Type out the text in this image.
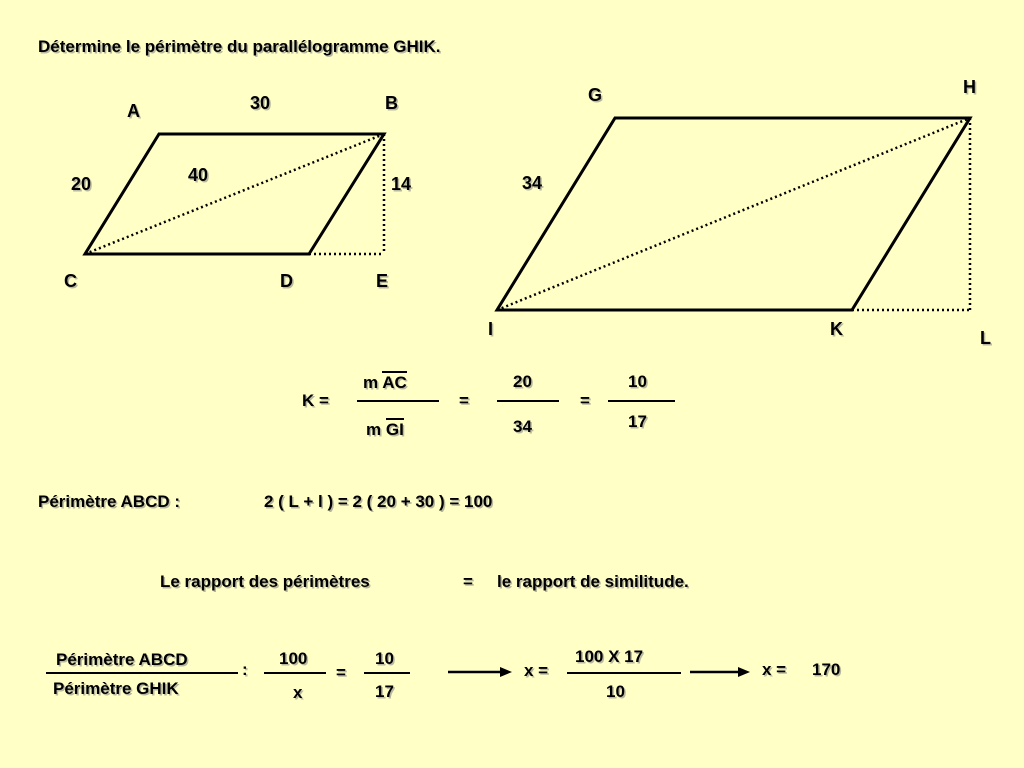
Détermine le périmètre du parallélogramme GHIK.
A	B
C	D	E
30
20	40	14
G	H
I	K	L
34
K =
m AC
m GI
=
20
34
=
10
17
Périmètre ABCD :	2 ( L + l ) = 2 ( 20 + 30 ) = 100
Le rapport des périmètres	= le rapport de similitude.
Périmètre ABCD
Périmètre GHIK
:
100
x
=
10
17
x =
100 X 17
10
x = 170
